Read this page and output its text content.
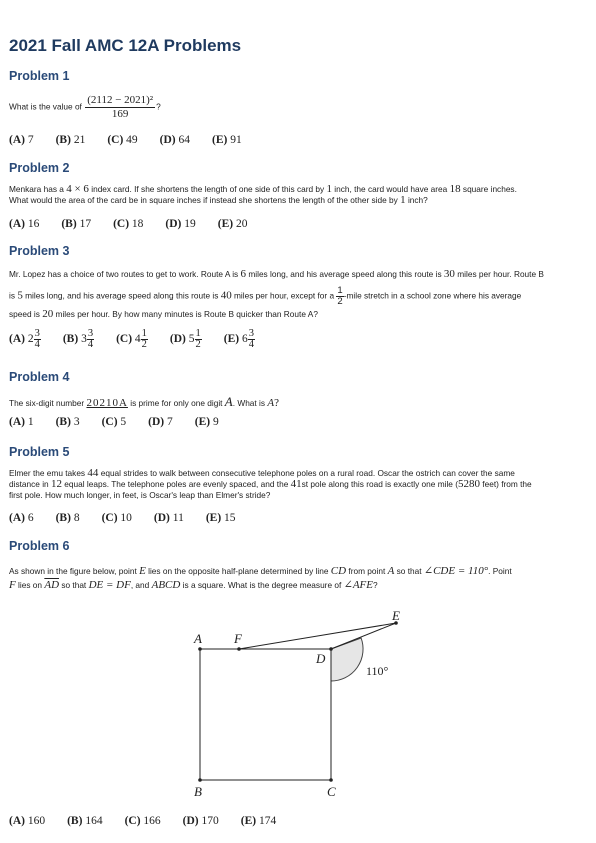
2021 Fall AMC 12A Problems
Problem 1
What is the value of $\frac{\text{(2112 − 2021)²}}{169}$ ?
(A) 7 (B) 21 (C) 49 (D) 64 (E) 91
Problem 2
Menkara has a 4 × 6 index card. If she shortens the length of one side of this card by 1 inch, the card would have area 18 square inches.
What would the area of the card be in square inches if instead she shortens the length of the other side by 1 inch?
(A) 16 (B) 17 (C) 18 (D) 19 (E) 20
Problem 3
Mr. Lopez has a choice of two routes to get to work. Route A is 6 miles long, and his average speed along this route is 30 miles per hour. Route B
is 5 miles long, and his average speed along this route is 40 miles per hour, except for a $\frac{1}{2}$ -mile stretch in a school zone where his average
speed is 20 miles per hour. By how many minutes is Route B quicker than Route A?
(A) $2 \frac{3}{4} (B)$ $3 \frac{3}{4} (C)$ $4 \frac{1}{2} (D)$ $5 \frac{1}{2} (E)$ $6 \frac{3}{4}$
Problem 4
The six-digit number 20210A is prime for only one digit A. What is A?
(A) 1 (B) 3 (C) 5 (D) 7 (E) 9
Problem 5
Elmer the emu takes 44 equal strides to walk between consecutive telephone poles on a rural road. Oscar the ostrich can cover the same
distance in 12 equal leaps. The telephone poles are evenly spaced, and the 41st pole along this road is exactly one mile (5280 feet) from the
first pole. How much longer, in feet, is Oscar's leap than Elmer's stride?
(A) 6 (B) 8 (C) 10 (D) 11 (E) 15
Problem 6
As shown in the figure below, point E lies on the opposite half-plane determined by line CD from point A so that ∠CDE = 110°. Point
F lies on $\overline{AD}$ so that DE = DF, and ABCD is a square. What is the degree measure of ∠AFE?
A F
D
E
B	C
110°
(A) 160 (B) 164 (C) 166 (D) 170 (E) 174
